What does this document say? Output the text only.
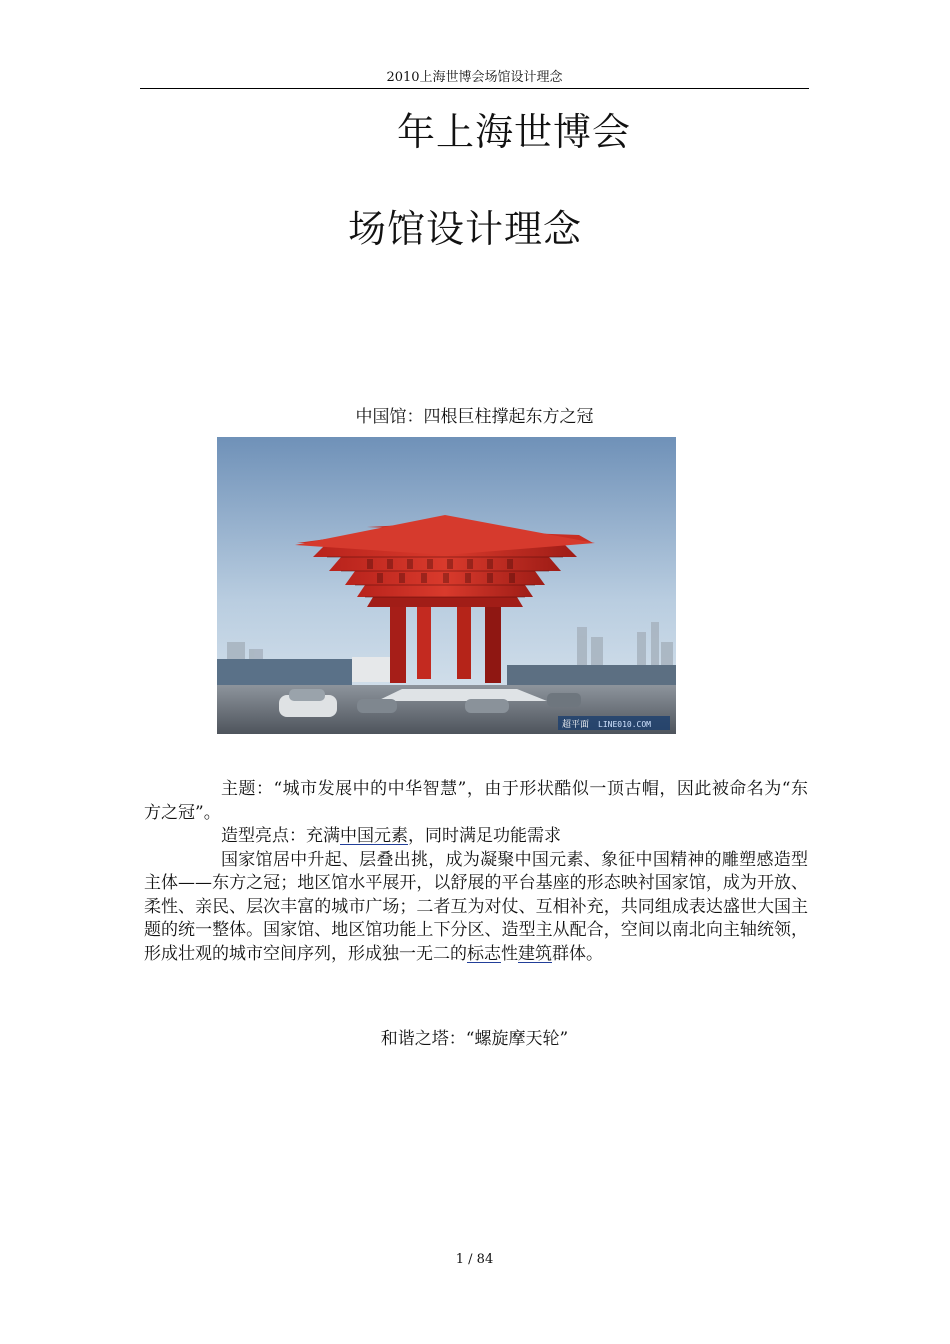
2010上海世博会场馆设计理念
年上海世博会
场馆设计理念
中国馆：四根巨柱撑起东方之冠
超平面 LINE010.COM

主题：“城市发展中的中华智慧”，由于形状酷似一顶古帽，因此被命名为“东方之冠”。

造型亮点：充满中国元素，同时满足功能需求

国家馆居中升起、层叠出挑，成为凝聚中国元素、象征中国精神的雕塑感造型主体——东方之冠；地区馆水平展开，以舒展的平台基座的形态映衬国家馆，成为开放、柔性、亲民、层次丰富的城市广场；二者互为对仗、互相补充，共同组成表达盛世大国主题的统一整体。国家馆、地区馆功能上下分区、造型主从配合，空间以南北向主轴统领，形成壮观的城市空间序列，形成独一无二的标志性建筑群体。

和谐之塔：“螺旋摩天轮”
1 / 84
